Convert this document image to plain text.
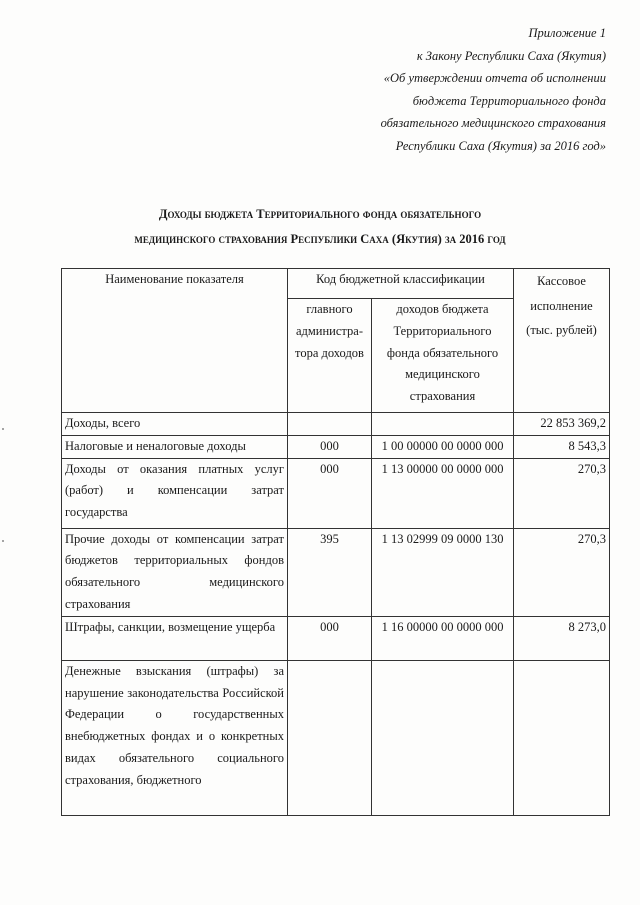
Приложение 1
к Закону Республики Саха (Якутия)
«Об утверждении отчета об исполнении
бюджета Территориального фонда
обязательного медицинского страхования
Республики Саха (Якутия) за 2016 год»
Доходы бюджета Территориального фонда обязательного
медицинского страхования Республики Саха (Якутия) за 2016 год
Наименование показателя	Код бюджетной классификации		Кассовое исполнение (тыс. рублей)

	главного администра-тора доходов	доходов бюджета Территориального фонда обязательного медицинского страхования	

Доходы, всего			22 853 369,2
Налоговые и неналоговые доходы	000	1 00 00000 00 0000 000	8 543,3
Доходы от оказания платных услуг (работ) и компенсации затрат государства	000	1 13 00000 00 0000 000	270,3
Прочие доходы от компенсации затрат бюджетов территориальных фондов обязательного медицинского страхования	395	1 13 02999 09 0000 130	270,3
Штрафы, санкции, возмещение ущерба	000	1 16 00000 00 0000 000	8 273,0
Денежные взыскания (штрафы) за нарушение законодательства Российской Федерации о государственных внебюджетных фондах и о конкретных видах обязательного социального страхования, бюджетного			
